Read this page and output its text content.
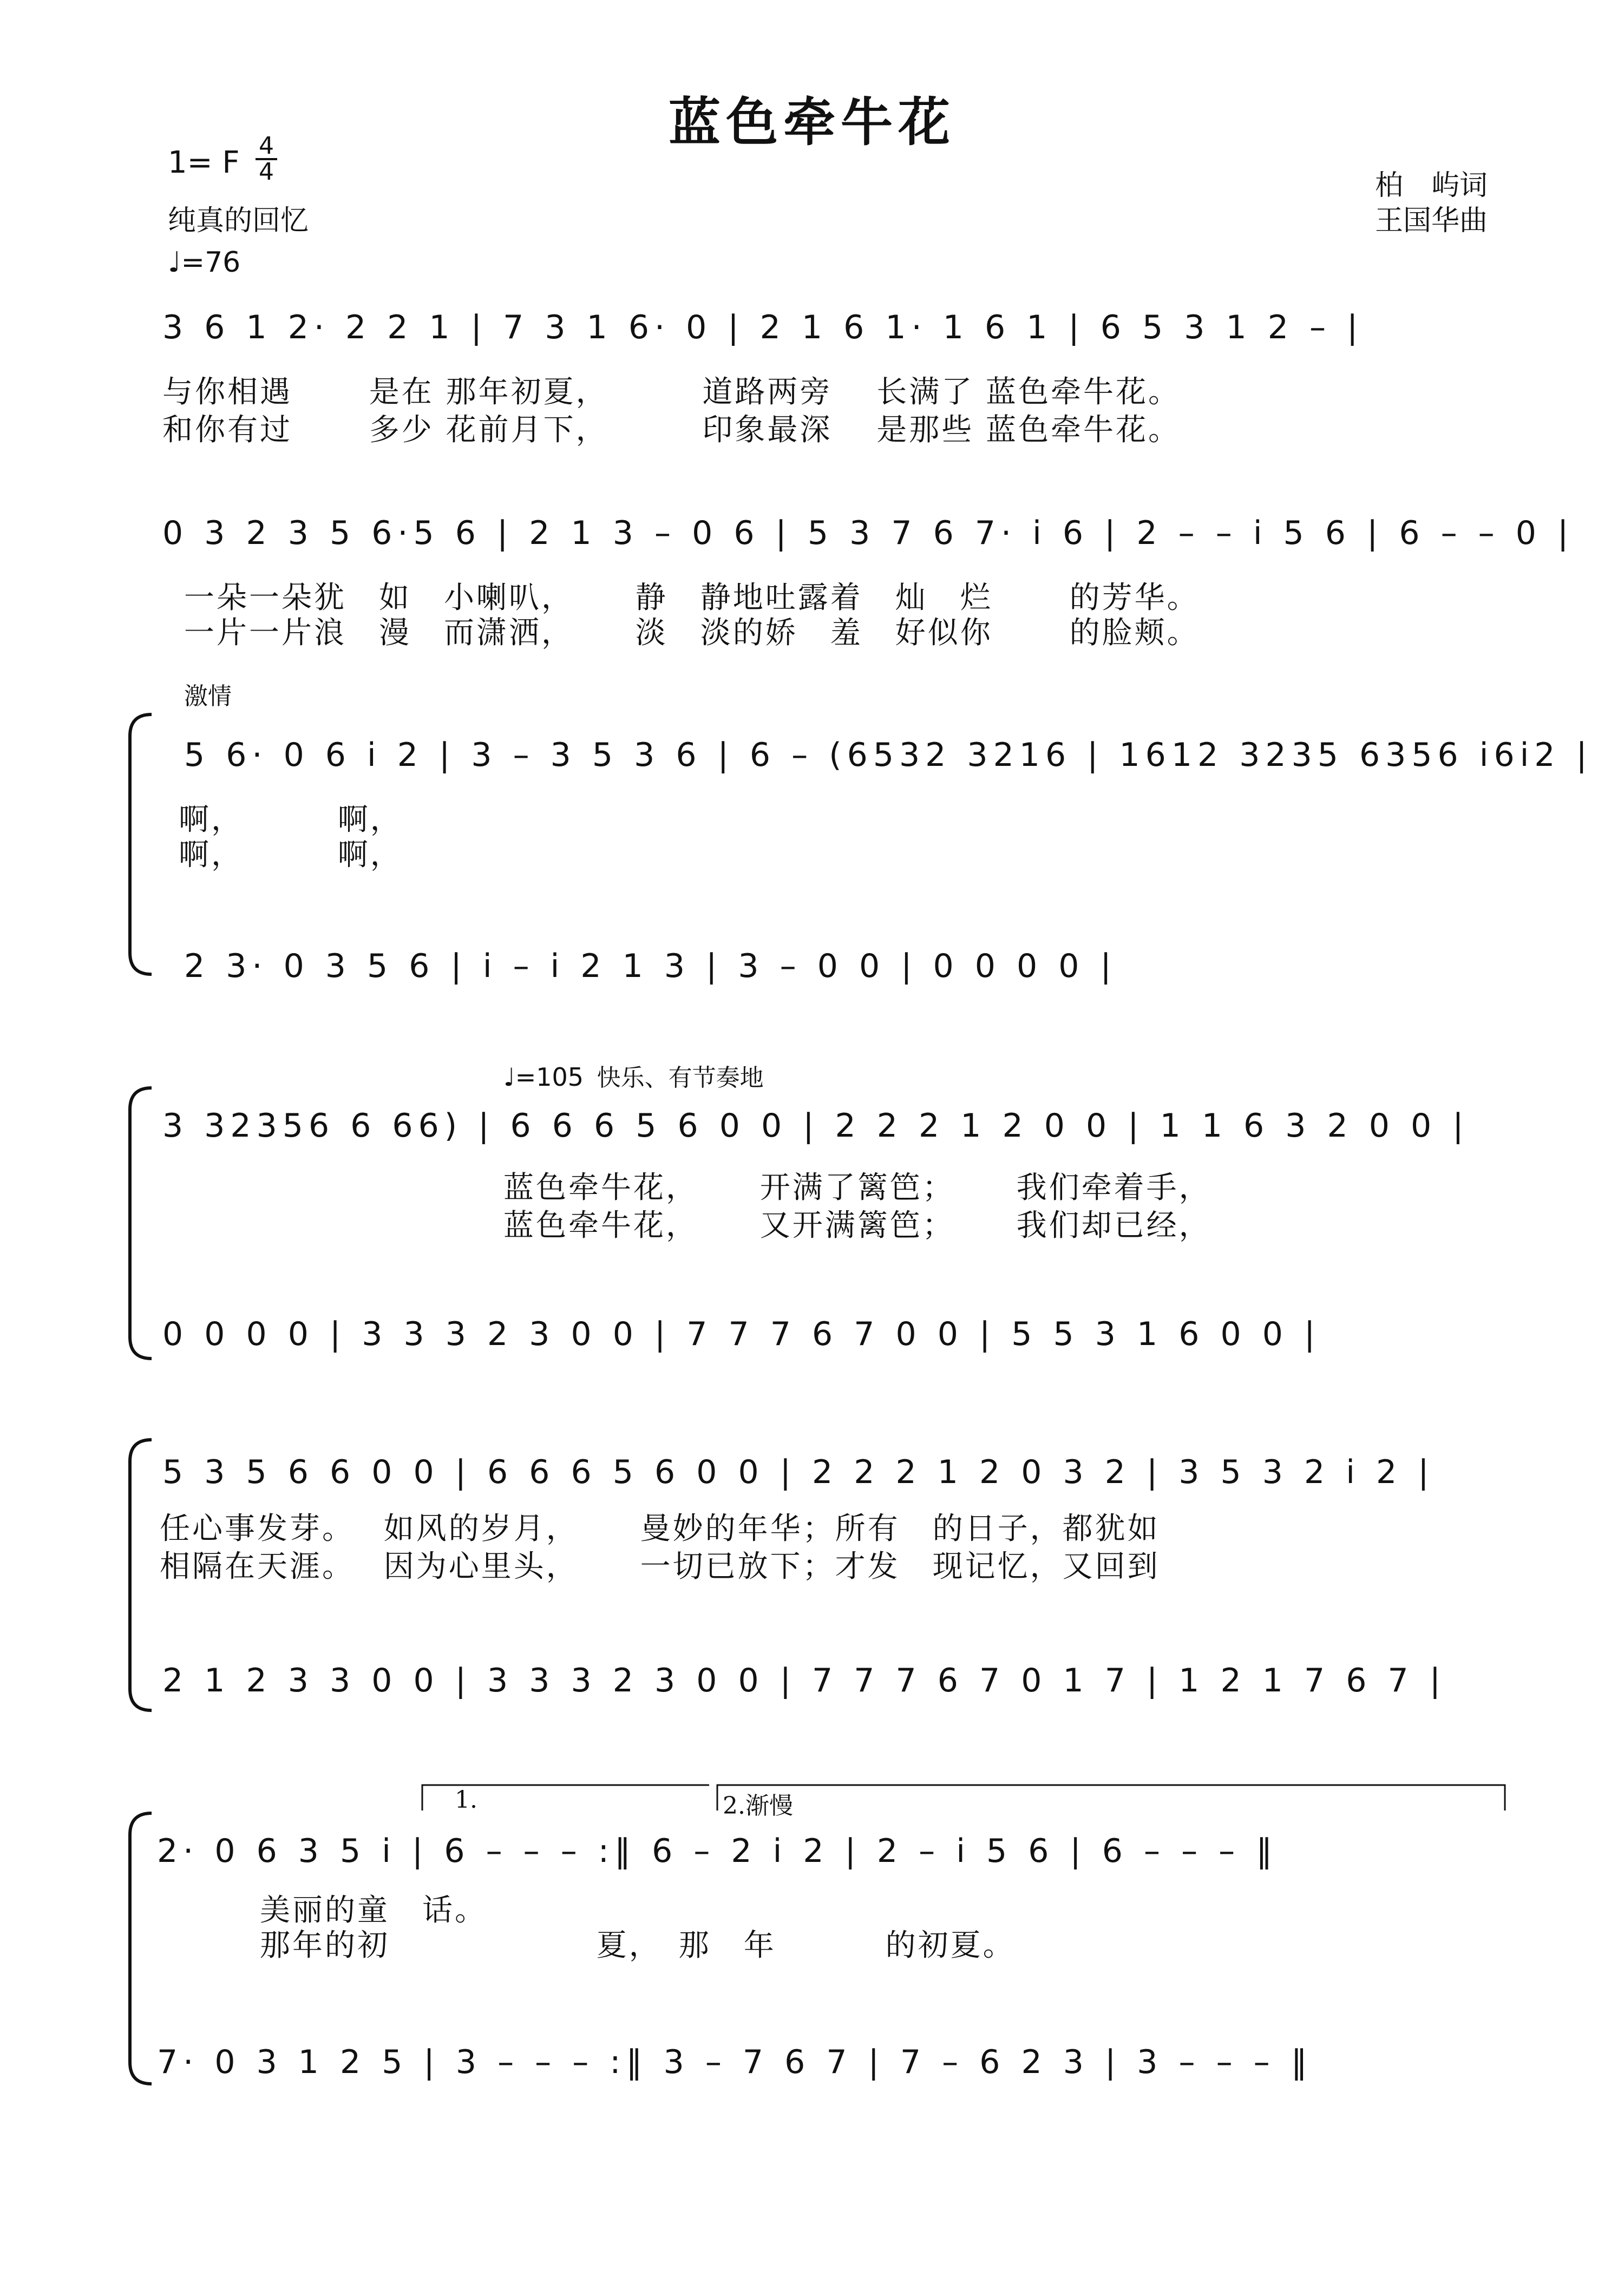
蓝色牵牛花
1= F 4
4
纯真的回忆
♩=76
柏　屿词
王国华曲
3 6 1 2· 2 2 1 | 7 3 1 6· 0 | 2 1 6 1· 1 6 1 | 6 5 3 1 2 – |
与你相遇　　 是在 那年初夏，　　　 道路两旁　 长满了 蓝色牵牛花。
和你有过　　 多少 花前月下，　　　 印象最深　 是那些 蓝色牵牛花。
0 3 2 3 5 6·5 6 | 2 1 3 – 0 6 | 5 3 7 6 7· i 6 | 2 – – i 5 6 | 6 – – 0 |
一朵一朵犹　如　小喇叭，　　 静　静地吐露着　灿　烂　　 的芳华。
一片一片浪　漫　而潇洒，　　 淡　淡的娇　羞　好似你　　 的脸颊。
激情
5 6· 0 6 i 2 | 3 – 3 5 3 6 | 6 – (6532 3216 | 1612 3235 6356 i6i2 |
啊，　　　 啊，
啊，　　　 啊，
2 3· 0 3 5 6 | i – i 2 1 3 | 3 – 0 0 | 0 0 0 0 |
♩=105 快乐、有节奏地
3 32356 6 66) | 6 6 6 5 6 0 0 | 2 2 2 1 2 0 0 | 1 1 6 3 2 0 0 |
蓝色牵牛花，　　 开满了篱笆；　　 我们牵着手，
蓝色牵牛花，　　 又开满篱笆；　　 我们却已经，
0 0 0 0 | 3 3 3 2 3 0 0 | 7 7 7 6 7 0 0 | 5 5 3 1 6 0 0 |
5 3 5 6 6 0 0 | 6 6 6 5 6 0 0 | 2 2 2 1 2 0 3 2 | 3 5 3 2 i 2 |
任心事发芽。　 如风的岁月，　　 曼妙的年华；所有　的日子，都犹如
相隔在天涯。　 因为心里头，　　 一切已放下；才发　现记忆，又回到
2 1 2 3 3 0 0 | 3 3 3 2 3 0 0 | 7 7 7 6 7 0 1 7 | 1 2 1 7 6 7 |
1.	2.渐慢
2· 0 6 3 5 i | 6 – – – :‖ 6 – 2 i 2 | 2 – i 5 6 | 6 – – – ‖
美丽的童　话。
那年的初　　　　　　 夏，　那　年　　　 的初夏。
7· 0 3 1 2 5 | 3 – – – :‖ 3 – 7 6 7 | 7 – 6 2 3 | 3 – – – ‖
